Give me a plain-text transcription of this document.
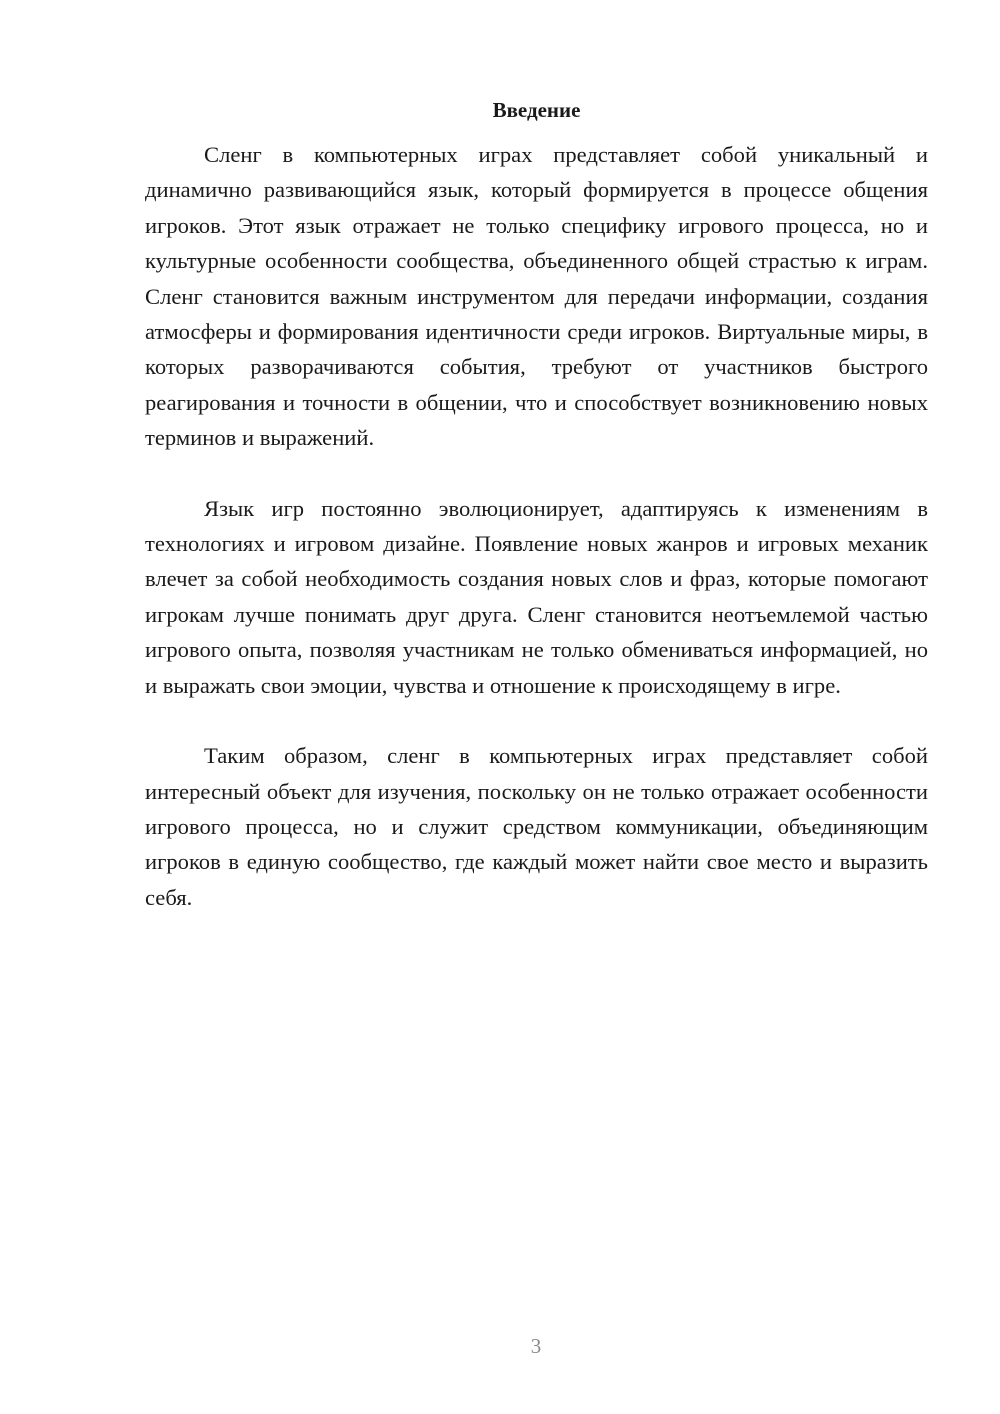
Введение

Сленг в компьютерных играх представляет собой уникальный и динамично развивающийся язык, который формируется в процессе общения игроков. Этот язык отражает не только специфику игрового процесса, но и культурные особенности сообщества, объединенного общей страстью к играм. Сленг становится важным инструментом для передачи информации, создания атмосферы и формирования идентичности среди игроков. Виртуальные миры, в которых разворачиваются события, требуют от участников быстрого реагирования и точности в общении, что и способствует возникновению новых терминов и выражений.

Язык игр постоянно эволюционирует, адаптируясь к изменениям в технологиях и игровом дизайне. Появление новых жанров и игровых механик влечет за собой необходимость создания новых слов и фраз, которые помогают игрокам лучше понимать друг друга. Сленг становится неотъемлемой частью игрового опыта, позволяя участникам не только обмениваться информацией, но и выражать свои эмоции, чувства и отношение к происходящему в игре.

Таким образом, сленг в компьютерных играх представляет собой интересный объект для изучения, поскольку он не только отражает особенности игрового процесса, но и служит средством коммуникации, объединяющим игроков в единую сообщество, где каждый может найти свое место и выразить себя.

3
